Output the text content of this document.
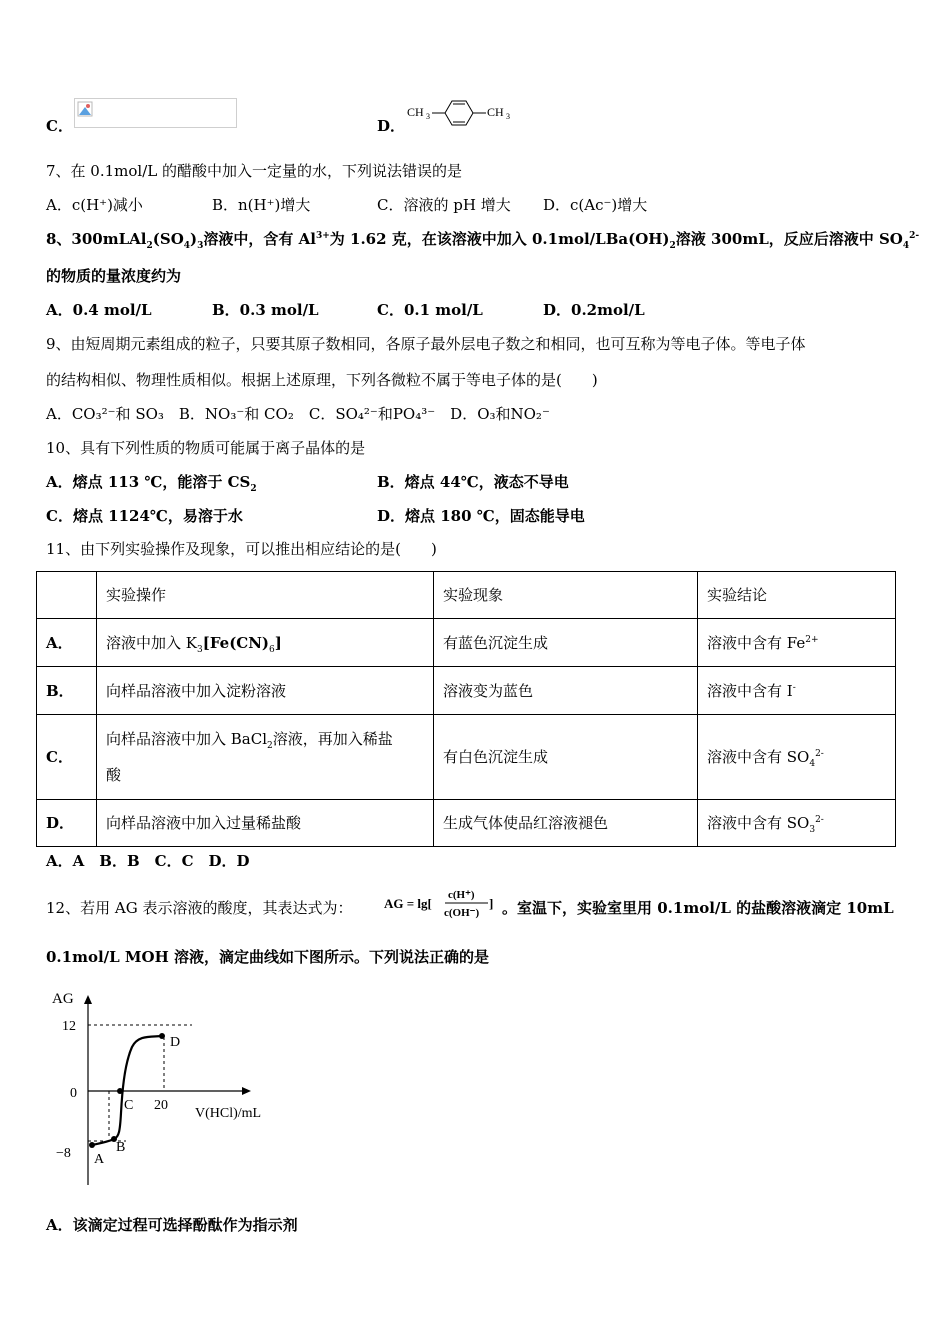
C．	D．
CH 3	CH 3
7、在 0.1mol/L 的醋酸中加入一定量的水，下列说法错误的是
A．c(H⁺)减小	B．n(H⁺)增大	C．溶液的 pH 增大 D．c(Ac⁻)增大
8、$300mLAl_2(SO_4)_3$溶液中，含有 $Al^{3+}$为 1.62 克，在该溶液中加入 $0.1mol/LBa(OH)_2$溶液 300mL，反应后溶液中 $SO_4^{2-}$
的物质的量浓度约为
A．0.4 mol/L	B．0.3 mol/L	C．0.1 mol/L	D．0.2mol/L
9、由短周期元素组成的粒子，只要其原子数相同，各原子最外层电子数之和相同，也可互称为等电子体。等电子体
的结构相似、物理性质相似。根据上述原理，下列各微粒不属于等电子体的是(　　)
A．CO₃²⁻和 SO₃　B．NO₃⁻和 CO₂　C．SO₄²⁻和PO₄³⁻　D．O₃和NO₂⁻
10、具有下列性质的物质可能属于离子晶体的是
A．熔点 113 ℃，能溶于 $CS_2$	B．熔点 44℃，液态不导电
C．熔点 1124℃，易溶于水	D．熔点 180 ℃，固态能导电
11、由下列实验操作及现象，可以推出相应结论的是(　　)
	实验操作	实验现象	实验结论
A．	溶液中加入 $K_3[Fe(CN)_6]$	有蓝色沉淀生成	溶液中含有 $Fe^{2+}$
B．	向样品溶液中加入淀粉溶液	溶液变为蓝色	溶液中含有 I-
C．	向样品溶液中加入 BaCl$_2$溶液，再加入稀盐
酸	有白色沉淀生成	溶液中含有 $SO_4^{2-}$
D．	向样品溶液中加入过量稀盐酸	生成气体使品红溶液褪色	溶液中含有 $SO_3^{2-}$
A．A　B．B　C．C　D．D
12、若用 AG 表示溶液的酸度，其表达式为： AG = lg[
c(H⁺)
c(OH⁻)
] 。室温下，实验室里用 0.1mol/L 的盐酸溶液滴定 10mL
0.1mol/L MOH 溶液，滴定曲线如下图所示。下列说法正确的是
AG
V(HCl)/mL
12
0
−8
20
A
B
C
D
A．该滴定过程可选择酚酞作为指示剂
